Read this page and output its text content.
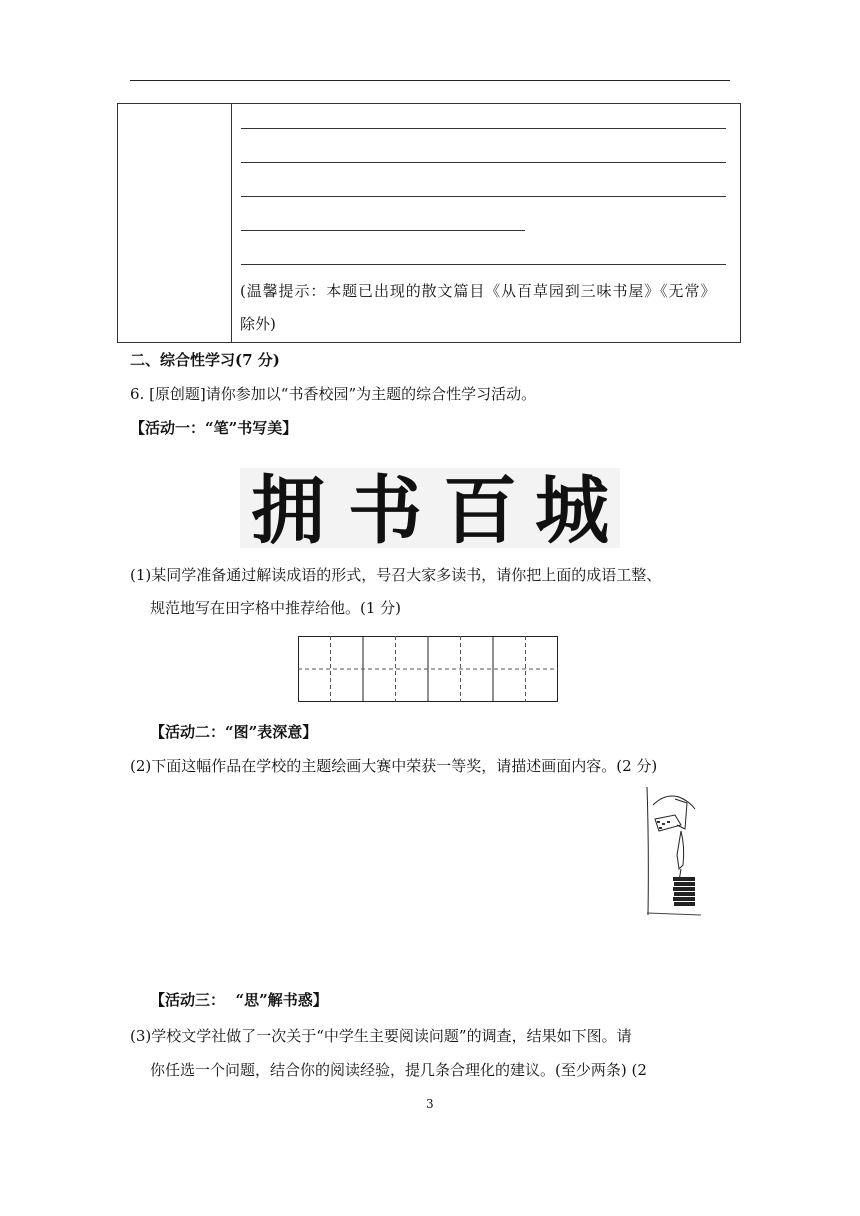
(温馨提示：本题已出现的散文篇目《从百草园到三味书屋》《无常》
除外)
二、综合性学习(7 分)
6. [原创题]请你参加以“书香校园”为主题的综合性学习活动。
【活动一：“笔”书写美】
拥 书 百 城
(1)某同学准备通过解读成语的形式，号召大家多读书，请你把上面的成语工整、
规范地写在田字格中推荐给他。(1 分)
【活动二：“图”表深意】
(2)下面这幅作品在学校的主题绘画大赛中荣获一等奖，请描述画面内容。(2 分)
【活动三：  “思”解书惑】
(3)学校文学社做了一次关于“中学生主要阅读问题”的调查，结果如下图。请
你任选一个问题，结合你的阅读经验，提几条合理化的建议。(至少两条) (2
3
